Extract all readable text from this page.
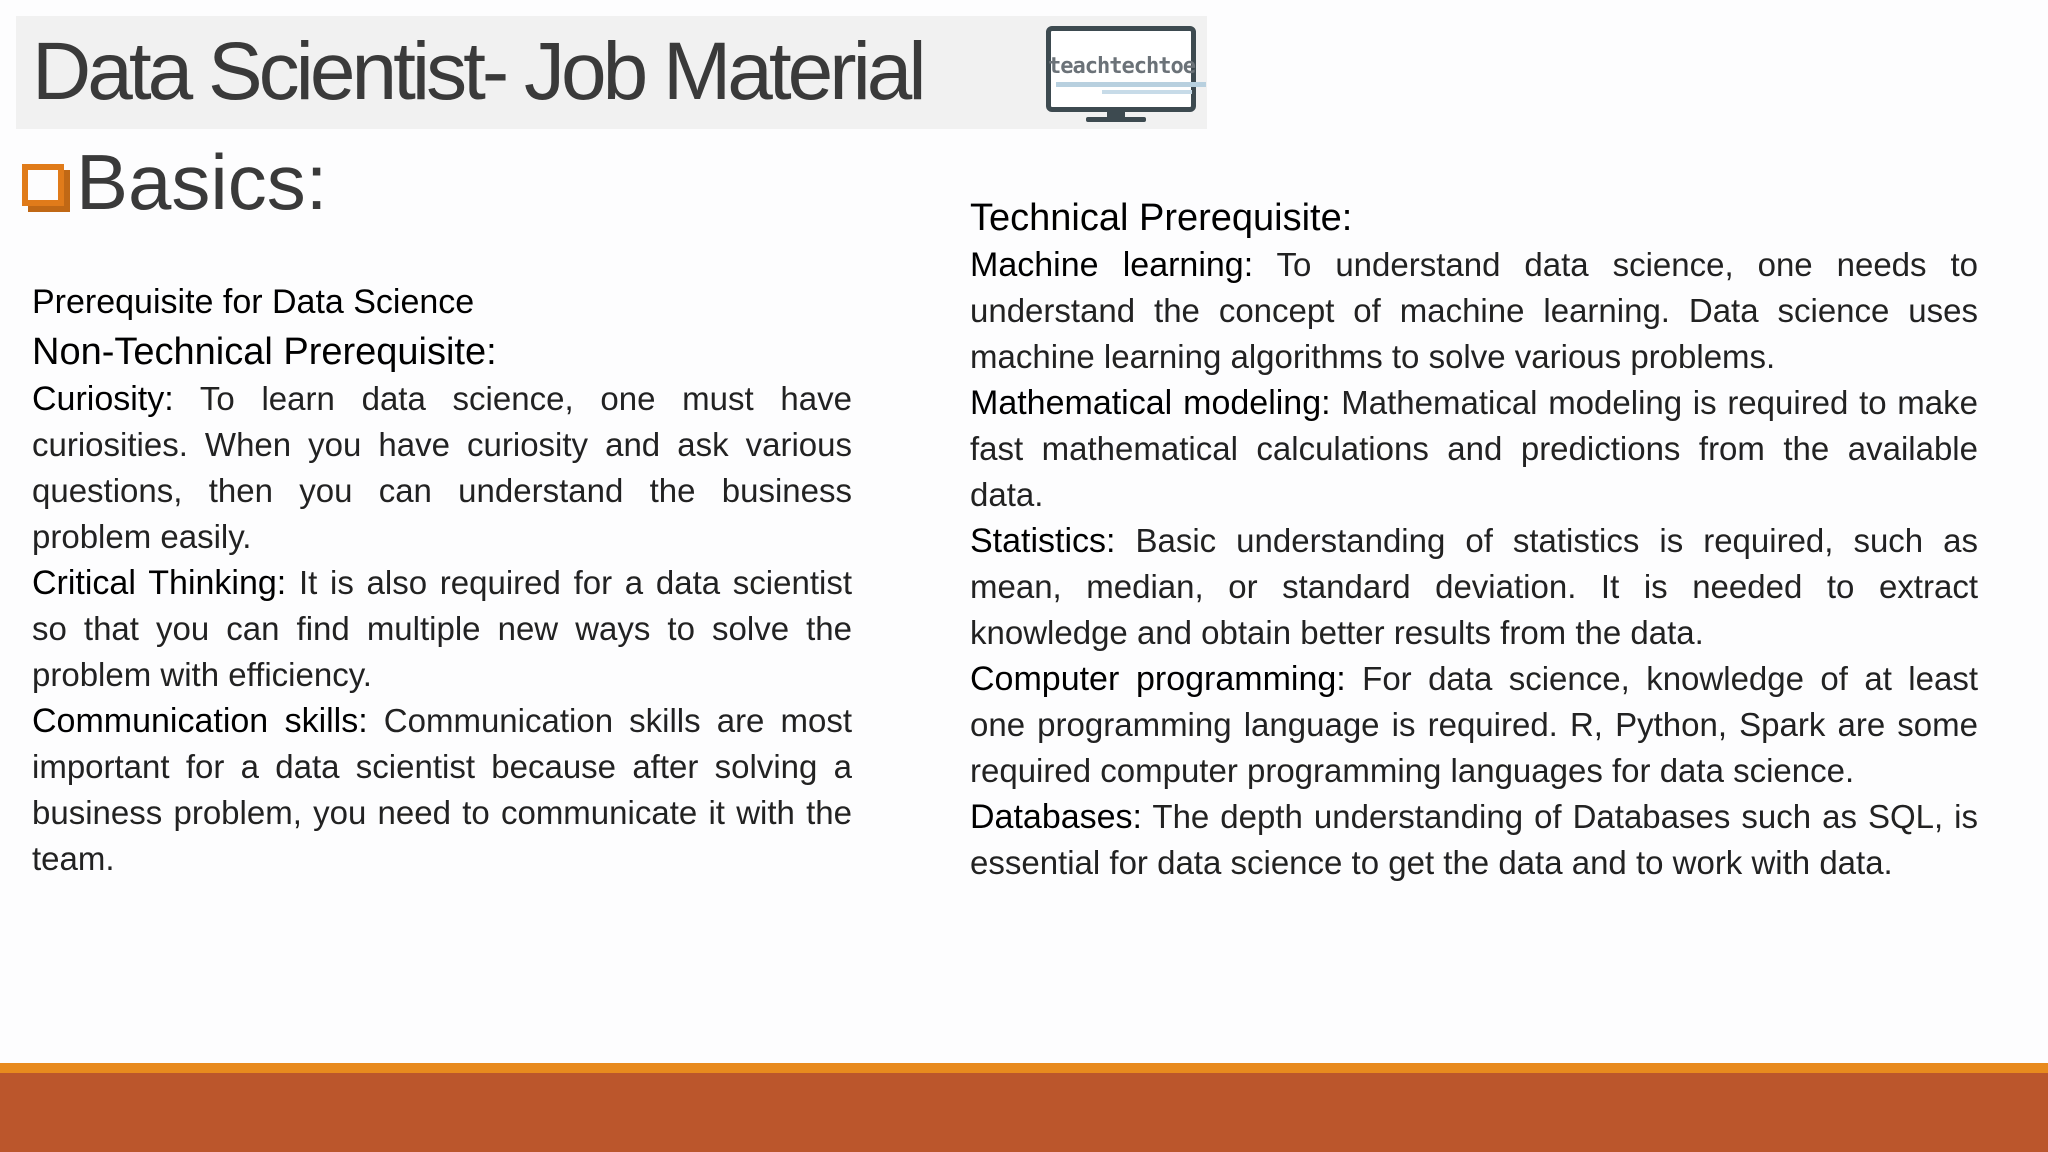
Data Scientist- Job Material	teachtechtoe
Basics:
Prerequisite for Data Science
Non-Technical Prerequisite:

Curiosity: To learn data science, one must have curiosities. When you have curiosity and ask various questions, then you can understand the business problem easily.

Critical Thinking: It is also required for a data scientist so that you can find multiple new ways to solve the problem with efficiency.

Communication skills: Communication skills are most important for a data scientist because after solving a business problem, you need to communicate it with the team.

Technical Prerequisite:

Machine learning: To understand data science, one needs to understand the concept of machine learning. Data science uses machine learning algorithms to solve various problems.

Mathematical modeling: Mathematical modeling is required to make fast mathematical calculations and predictions from the available data.

Statistics: Basic understanding of statistics is required, such as mean, median, or standard deviation. It is needed to extract knowledge and obtain better results from the data.

Computer programming: For data science, knowledge of at least one programming language is required. R, Python, Spark are some required computer programming languages for data science.

Databases: The depth understanding of Databases such as SQL, is essential for data science to get the data and to work with data.
